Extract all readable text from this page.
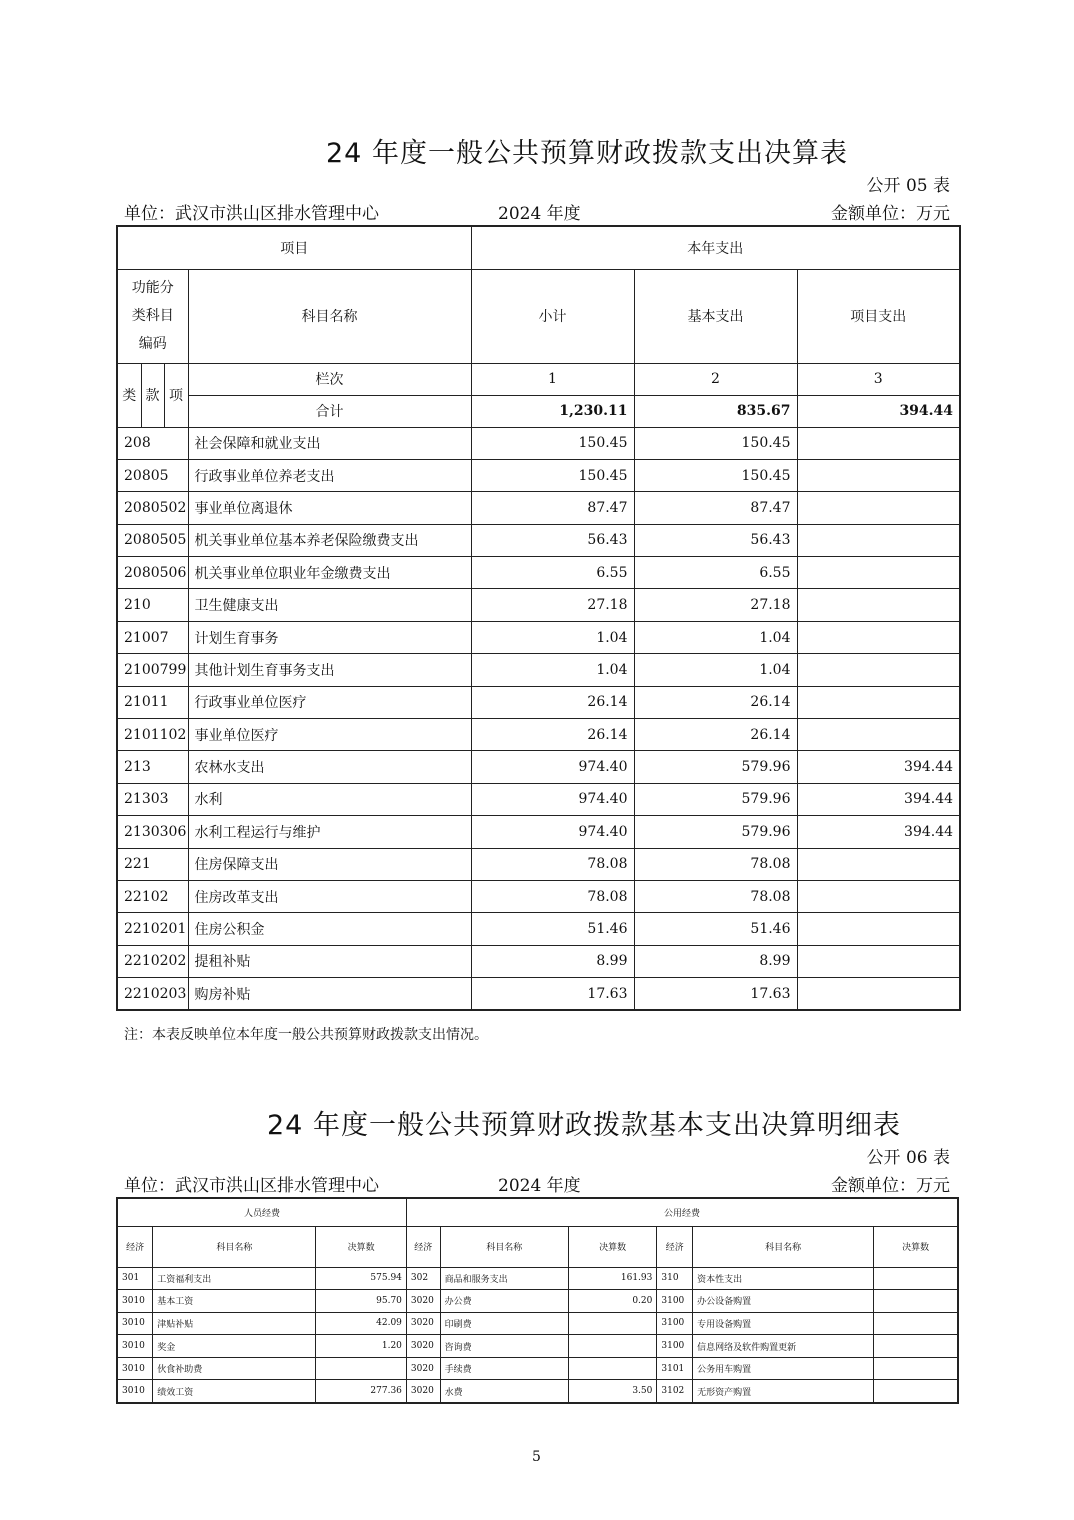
24 年度一般公共预算财政拨款支出决算表
公开 05 表
单位：武汉市洪山区排水管理中心	2024 年度	金额单位：万元
项目				本年支出		

功能分
类科目
编码			科目名称	小计	基本支出	项目支出
类	款	项	栏次	1	2	3
			合计	1,230.11	835.67	394.44
208			社会保障和就业支出	150.45	150.45	
20805			行政事业单位养老支出	150.45	150.45	
2080502			事业单位离退休	87.47	87.47	
2080505			机关事业单位基本养老保险缴费支出	56.43	56.43	
2080506			机关事业单位职业年金缴费支出	6.55	6.55	
210			卫生健康支出	27.18	27.18	
21007			计划生育事务	1.04	1.04	
2100799			其他计划生育事务支出	1.04	1.04	
21011			行政事业单位医疗	26.14	26.14	
2101102			事业单位医疗	26.14	26.14	
213			农林水支出	974.40	579.96	394.44
21303			水利	974.40	579.96	394.44
2130306			水利工程运行与维护	974.40	579.96	394.44
221			住房保障支出	78.08	78.08	
22102			住房改革支出	78.08	78.08	
2210201			住房公积金	51.46	51.46	
2210202			提租补贴	8.99	8.99	
2210203			购房补贴	17.63	17.63	
注：本表反映单位本年度一般公共预算财政拨款支出情况。
24 年度一般公共预算财政拨款基本支出决算明细表
公开 06 表
单位：武汉市洪山区排水管理中心	2024 年度	金额单位：万元
人员经费			公用经费					
经济	科目名称	决算数	经济	科目名称	决算数	经济	科目名称	决算数
301	工资福利支出	575.94	302	商品和服务支出	161.93	310	资本性支出	
3010	基本工资	95.70	3020	办公费	0.20	3100	办公设备购置	
3010	津贴补贴	42.09	3020	印刷费		3100	专用设备购置	
3010	奖金	1.20	3020	咨询费		3100	信息网络及软件购置更新	
3010	伙食补助费		3020	手续费		3101	公务用车购置	
3010	绩效工资	277.36	3020	水费	3.50	3102	无形资产购置	
5
